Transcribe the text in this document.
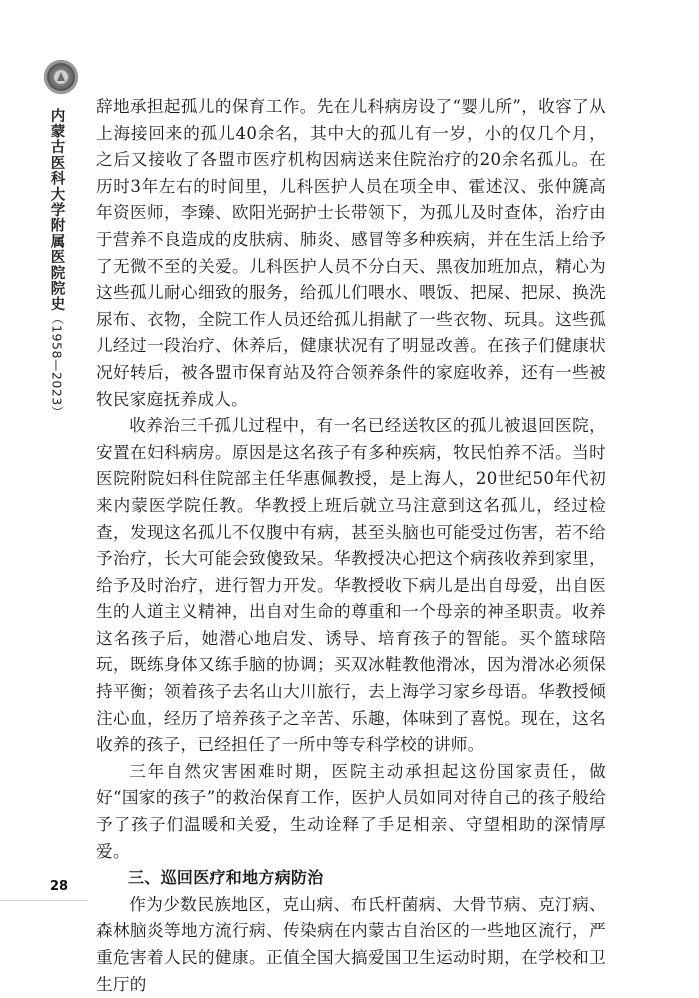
内蒙古医科大学附属医院院史（1958—2023）
28

辞地承担起孤儿的保育工作。先在儿科病房设了“婴儿所”，收容了从上海接回来的孤儿40余名，其中大的孤儿有一岁，小的仅几个月，之后又接收了各盟市医疗机构因病送来住院治疗的20余名孤儿。在历时3年左右的时间里，儿科医护人员在项全申、霍述汉、张仲篪高年资医师，李臻、欧阳光弼护士长带领下，为孤儿及时查体，治疗由于营养不良造成的皮肤病、肺炎、感冒等多种疾病，并在生活上给予了无微不至的关爱。儿科医护人员不分白天、黑夜加班加点，精心为这些孤儿耐心细致的服务，给孤儿们喂水、喂饭、把屎、把尿、换洗尿布、衣物，全院工作人员还给孤儿捐献了一些衣物、玩具。这些孤儿经过一段治疗、休养后，健康状况有了明显改善。在孩子们健康状况好转后，被各盟市保育站及符合领养条件的家庭收养，还有一些被牧民家庭抚养成人。

收养治三千孤儿过程中，有一名已经送牧区的孤儿被退回医院，安置在妇科病房。原因是这名孩子有多种疾病，牧民怕养不活。当时医院附院妇科住院部主任华惠佩教授，是上海人，20世纪50年代初来内蒙医学院任教。华教授上班后就立马注意到这名孤儿，经过检查，发现这名孤儿不仅腹中有病，甚至头脑也可能受过伤害，若不给予治疗，长大可能会致傻致呆。华教授决心把这个病孩收养到家里，给予及时治疗，进行智力开发。华教授收下病儿是出自母爱，出自医生的人道主义精神，出自对生命的尊重和一个母亲的神圣职责。收养这名孩子后，她潜心地启发、诱导、培育孩子的智能。买个篮球陪玩，既练身体又练手脑的协调；买双冰鞋教他滑冰，因为滑冰必须保持平衡；领着孩子去名山大川旅行，去上海学习家乡母语。华教授倾注心血，经历了培养孩子之辛苦、乐趣，体味到了喜悦。现在，这名收养的孩子，已经担任了一所中等专科学校的讲师。

三年自然灾害困难时期，医院主动承担起这份国家责任，做好“国家的孩子”的救治保育工作，医护人员如同对待自己的孩子般给予了孩子们温暖和关爱，生动诠释了手足相亲、守望相助的深情厚爱。

三、巡回医疗和地方病防治

作为少数民族地区，克山病、布氏杆菌病、大骨节病、克汀病、森林脑炎等地方流行病、传染病在内蒙古自治区的一些地区流行，严重危害着人民的健康。正值全国大搞爱国卫生运动时期，在学校和卫生厅的
